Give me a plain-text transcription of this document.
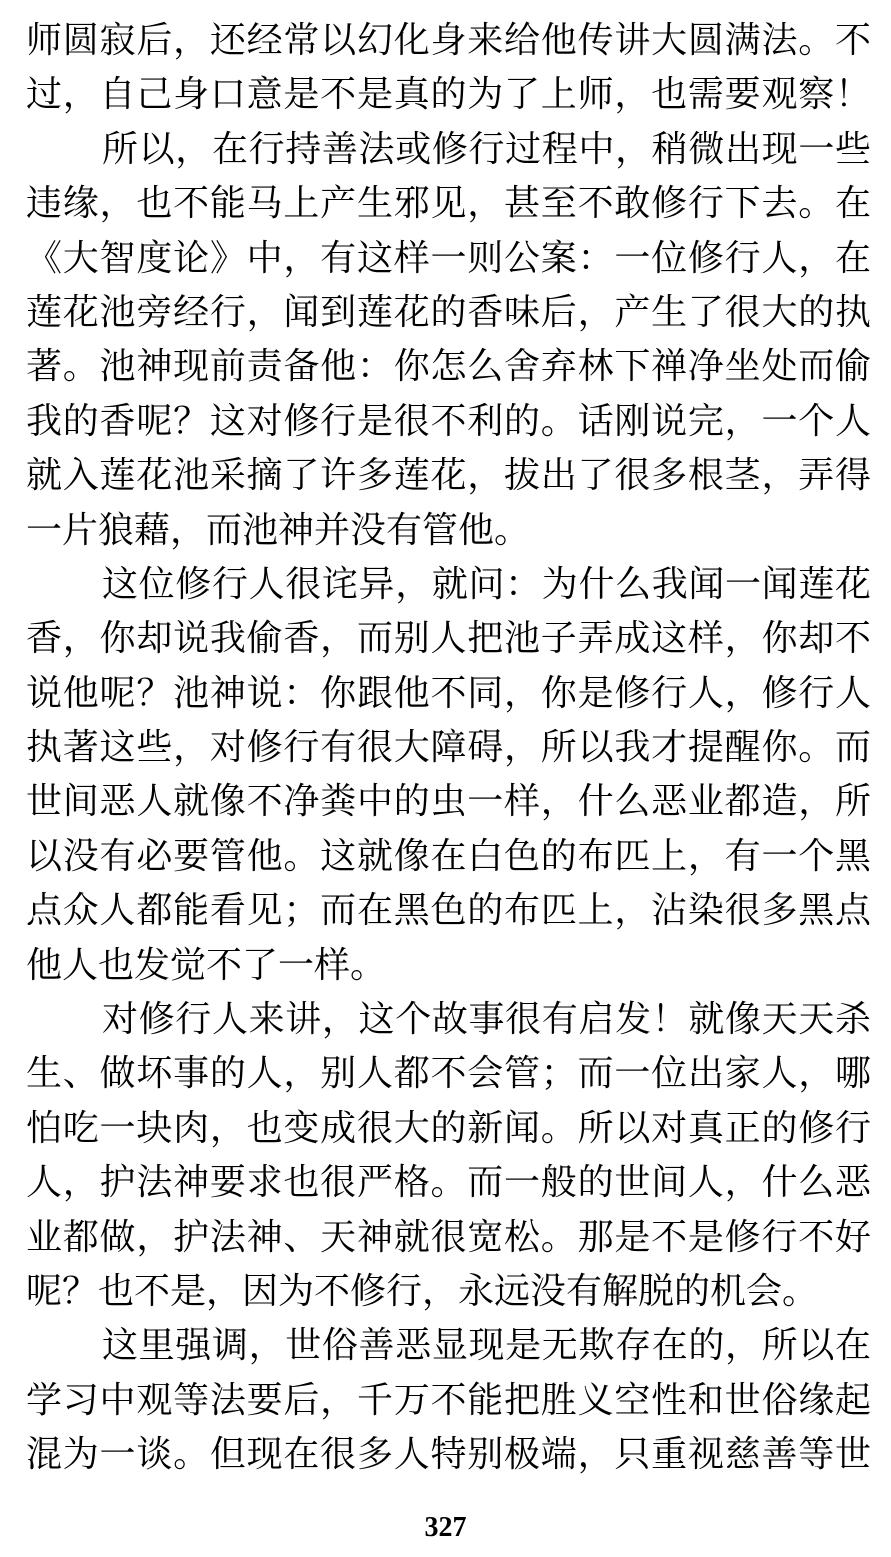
师圆寂后，还经常以幻化身来给他传讲大圆满法。不
过，自己身口意是不是真的为了上师，也需要观察！
所以，在行持善法或修行过程中，稍微出现一些
违缘，也不能马上产生邪见，甚至不敢修行下去。在
《大智度论》中，有这样一则公案：一位修行人，在
莲花池旁经行，闻到莲花的香味后，产生了很大的执
著。池神现前责备他：你怎么舍弃林下禅净坐处而偷
我的香呢？这对修行是很不利的。话刚说完，一个人
就入莲花池采摘了许多莲花，拔出了很多根茎，弄得
一片狼藉，而池神并没有管他。
这位修行人很诧异，就问：为什么我闻一闻莲花
香，你却说我偷香，而别人把池子弄成这样，你却不
说他呢？池神说：你跟他不同，你是修行人，修行人
执著这些，对修行有很大障碍，所以我才提醒你。而
世间恶人就像不净粪中的虫一样，什么恶业都造，所
以没有必要管他。这就像在白色的布匹上，有一个黑
点众人都能看见；而在黑色的布匹上，沾染很多黑点
他人也发觉不了一样。
对修行人来讲，这个故事很有启发！就像天天杀
生、做坏事的人，别人都不会管；而一位出家人，哪
怕吃一块肉，也变成很大的新闻。所以对真正的修行
人，护法神要求也很严格。而一般的世间人，什么恶
业都做，护法神、天神就很宽松。那是不是修行不好
呢？也不是，因为不修行，永远没有解脱的机会。
这里强调，世俗善恶显现是无欺存在的，所以在
学习中观等法要后，千万不能把胜义空性和世俗缘起
混为一谈。但现在很多人特别极端，只重视慈善等世
327
